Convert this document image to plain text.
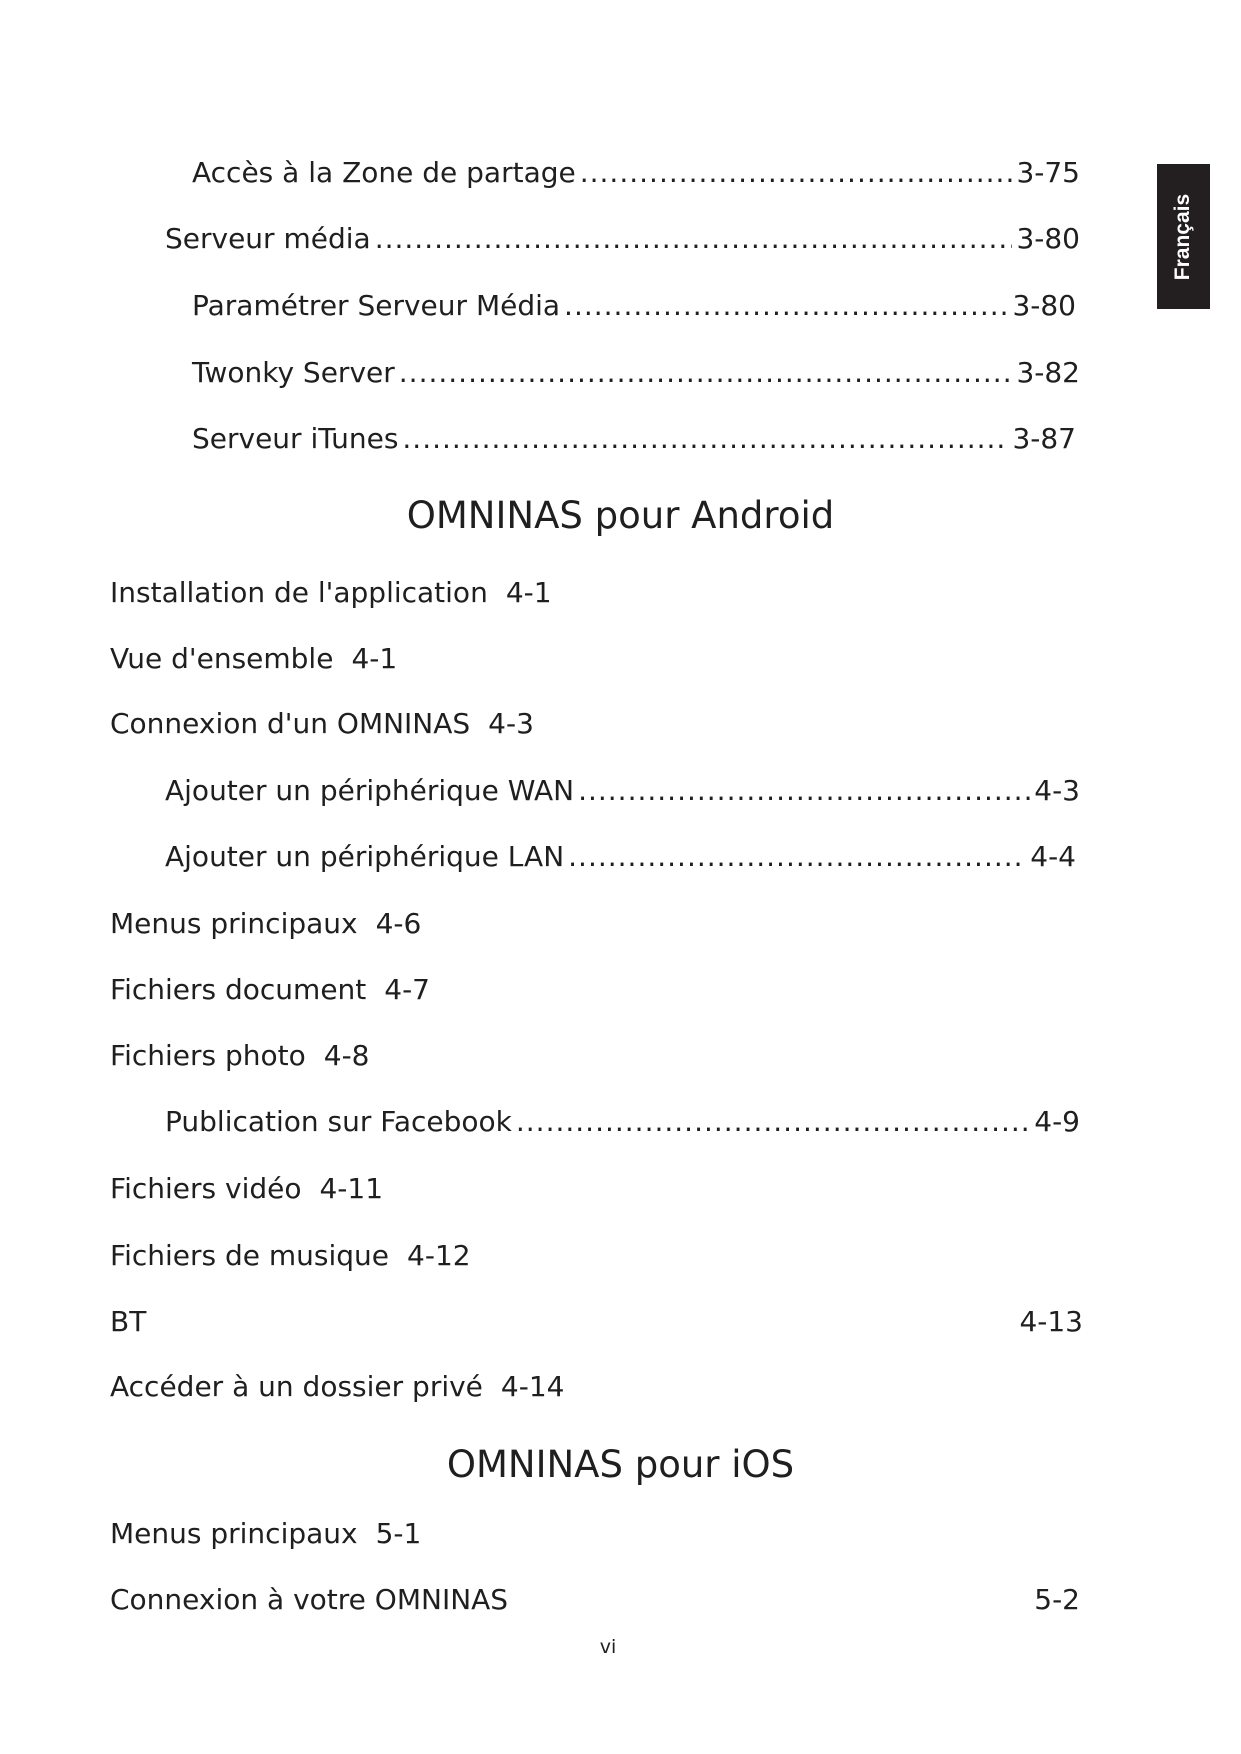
Français
Accès à la Zone de partage .....	3-75
Serveur média .....	3-80
Paramétrer Serveur Média .....	3-80
Twonky Server .....	3-82
Serveur iTunes .....	3-87
OMNINAS pour Android
Installation de l'application 4-1
Vue d'ensemble 4-1
Connexion d'un OMNINAS 4-3
Ajouter un périphérique WAN .....	4-3
Ajouter un périphérique LAN .....	4-4
Menus principaux 4-6
Fichiers document 4-7
Fichiers photo 4-8
Publication sur Facebook .....	4-9
Fichiers vidéo 4-11
Fichiers de musique 4-12
BT	4-13
Accéder à un dossier privé 4-14
OMNINAS pour iOS
Menus principaux 5-1
Connexion à votre OMNINAS	5-2
vi
